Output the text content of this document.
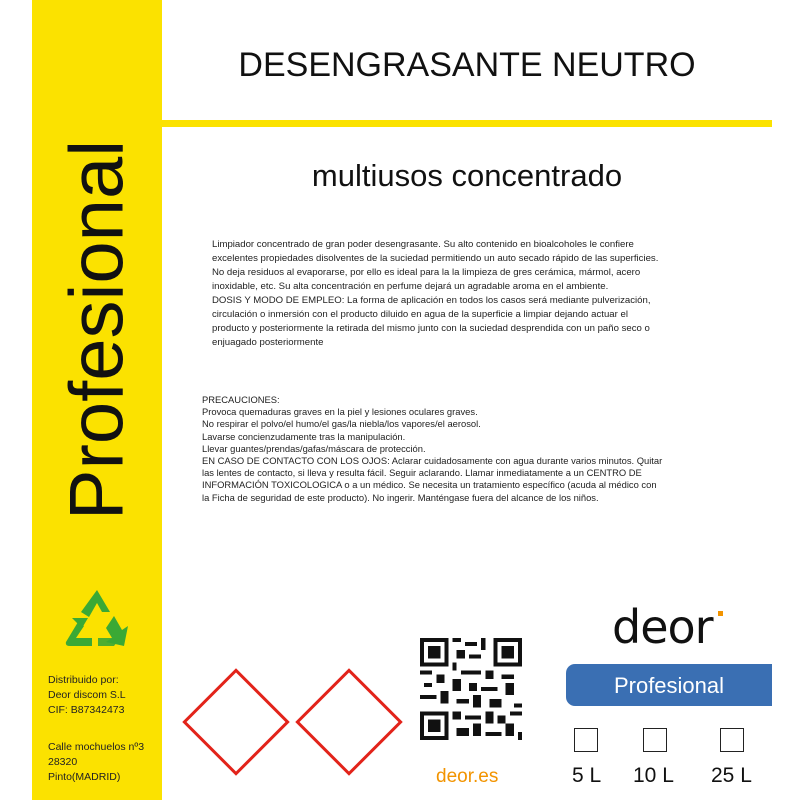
Profesional
Distribuido por:
Deor discom S.L
CIF: B87342473
Calle mochuelos nº3
28320
Pinto(MADRID)
DESENGRASANTE NEUTRO
multiusos concentrado

Limpiador concentrado de gran poder desengrasante. Su alto contenido en bioalcoholes le confiere

excelentes propiedades disolventes de la suciedad permitiendo un auto secado rápido de las superficies.

No deja residuos al evaporarse, por ello es ideal para la la limpieza de gres cerámica, mármol, acero

inoxidable, etc. Su alta concentración en perfume dejará un agradable aroma en el ambiente.

DOSIS Y MODO DE EMPLEO: La forma de aplicación en todos los casos será mediante pulverización,

circulación o inmersión con el producto diluido en agua de la superficie a limpiar dejando actuar el

producto y posteriormente la retirada del mismo junto con la suciedad desprendida con un paño seco o

enjuagado posteriormente

PRECAUCIONES:

Provoca quemaduras graves en la piel y lesiones oculares graves.

No respirar el polvo/el humo/el gas/la niebla/los vapores/el aerosol.

Lavarse concienzudamente tras la manipulación.

Llevar guantes/prendas/gafas/máscara de protección.

EN CASO DE CONTACTO CON LOS OJOS: Aclarar cuidadosamente con agua durante varios minutos. Quitar

las lentes de contacto, si lleva y resulta fácil. Seguir aclarando. Llamar inmediatamente a un CENTRO DE

INFORMACIÓN TOXICOLOGICA o a un médico. Se necesita un tratamiento específico (acuda al médico con

la Ficha de seguridad de este producto). No ingerir. Manténgase fuera del alcance de los niños.

deor.es
deor
Profesional
5 L 10 L 25 L
